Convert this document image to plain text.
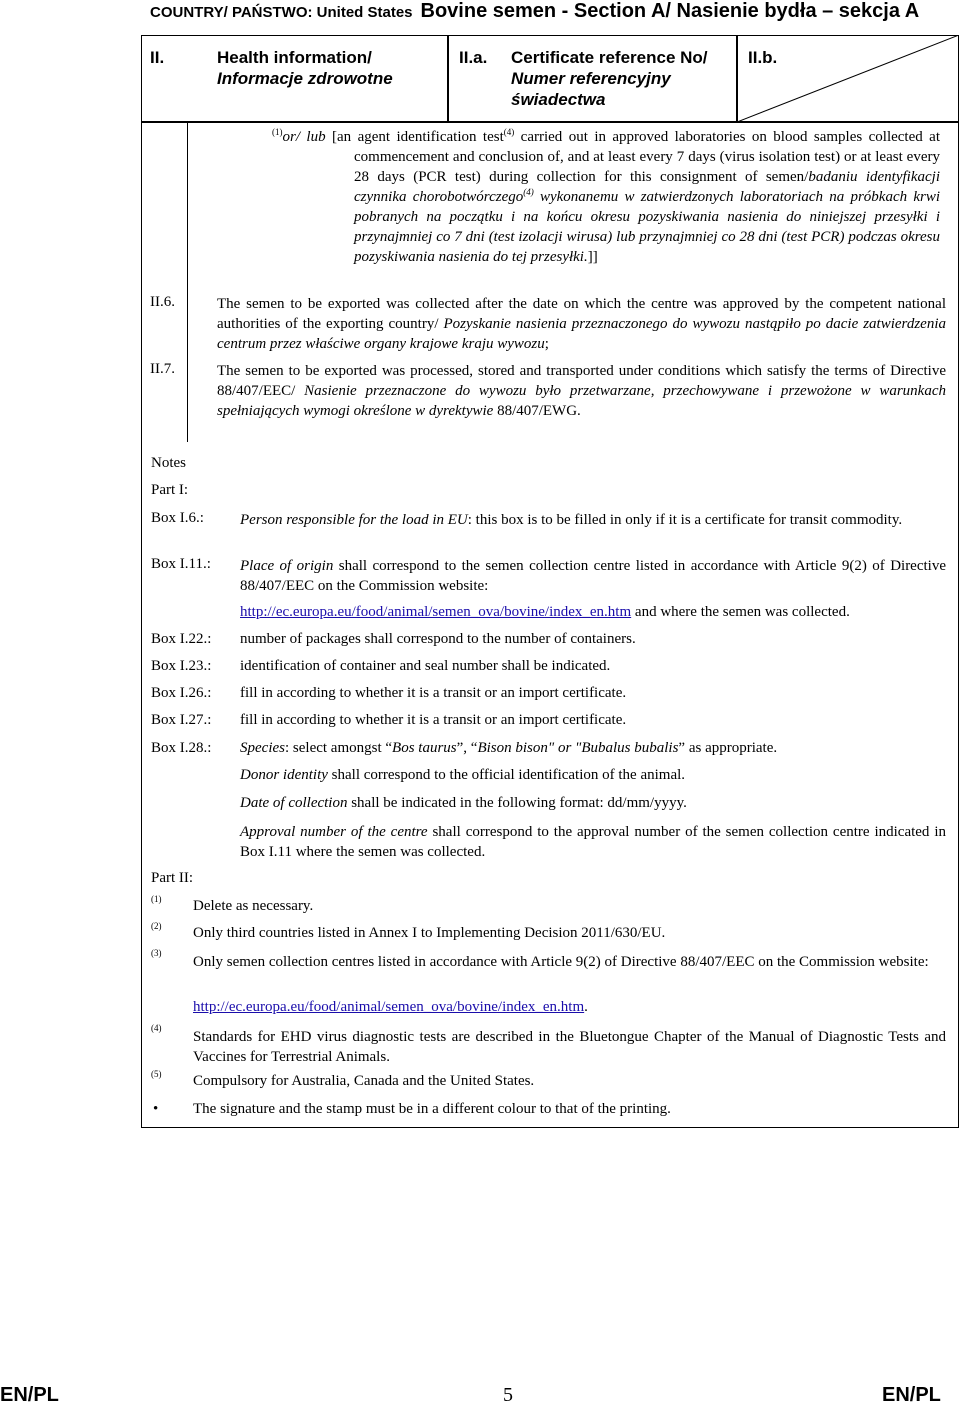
COUNTRY/ PAŃSTWO: United States Bovine semen - Section A/ Nasienie bydła – sekcja A
II.	Health information/
Informacje zdrowotne
II.a. Certificate reference No/
Numer referencyjny
świadectwa
II.b.
$^{(1)}$or/ lub [an agent identification test$^{(4)}$ carried out in approved laboratories on blood samples collected at commencement and conclusion of, and at least every 7 days (virus isolation test) or at least every 28 days (PCR test) during collection for this consignment of semen/badaniu identyfikacji czynnika chorobotwórczego$^{(4)}$ wykonanemu w zatwierdzonych laboratoriach na próbkach krwi pobranych na początku i na końcu okresu pozyskiwania nasienia do niniejszej przesyłki i przynajmniej co 7 dni (test izolacji wirusa) lub przynajmniej co 28 dni (test PCR) podczas okresu pozyskiwania nasienia do tej przesyłki.]]
II.6.	The semen to be exported was collected after the date on which the centre was approved by the competent national authorities of the exporting country/ Pozyskanie nasienia przeznaczonego do wywozu nastąpiło po dacie zatwierdzenia centrum przez właściwe organy krajowe kraju wywozu;
II.7.	The semen to be exported was processed, stored and transported under conditions which satisfy the terms of Directive 88/407/EEC/ Nasienie przeznaczone do wywozu było przetwarzane, przechowywane i przewożone w warunkach spełniających wymogi określone w dyrektywie 88/407/EWG.
Notes
Part I:
Box I.6.: Person responsible for the load in EU: this box is to be filled in only if it is a certificate for transit commodity.
Box I.11.: Place of origin shall correspond to the semen collection centre listed in accordance with Article 9(2) of Directive 88/407/EEC on the Commission website:
http://ec.europa.eu/food/animal/semen_ova/bovine/index_en.htm and where the semen was collected.
Box I.22.: number of packages shall correspond to the number of containers.
Box I.23.: identification of container and seal number shall be indicated.
Box I.26.: fill in according to whether it is a transit or an import certificate.
Box I.27.: fill in according to whether it is a transit or an import certificate.
Box I.28.: Species: select amongst “Bos taurus”, “Bison bison" or "Bubalus bubalis” as appropriate.
Donor identity shall correspond to the official identification of the animal.
Date of collection shall be indicated in the following format: dd/mm/yyyy.
Approval number of the centre shall correspond to the approval number of the semen collection centre indicated in Box I.11 where the semen was collected.
Part II:
$^{(1)}$ Delete as necessary.
$^{(2)}$ Only third countries listed in Annex I to Implementing Decision 2011/630/EU.
$^{(3)}$
Only semen collection centres listed in accordance with Article 9(2) of Directive 88/407/EEC on the Commission website:
http://ec.europa.eu/food/animal/semen_ova/bovine/index_en.htm.
$^{(4)}$
Standards for EHD virus diagnostic tests are described in the Bluetongue Chapter of the Manual of Diagnostic Tests and Vaccines for Terrestrial Animals.
$^{(5)}$ Compulsory for Australia, Canada and the United States.
• The signature and the stamp must be in a different colour to that of the printing.
EN/PL	5	EN/PL
